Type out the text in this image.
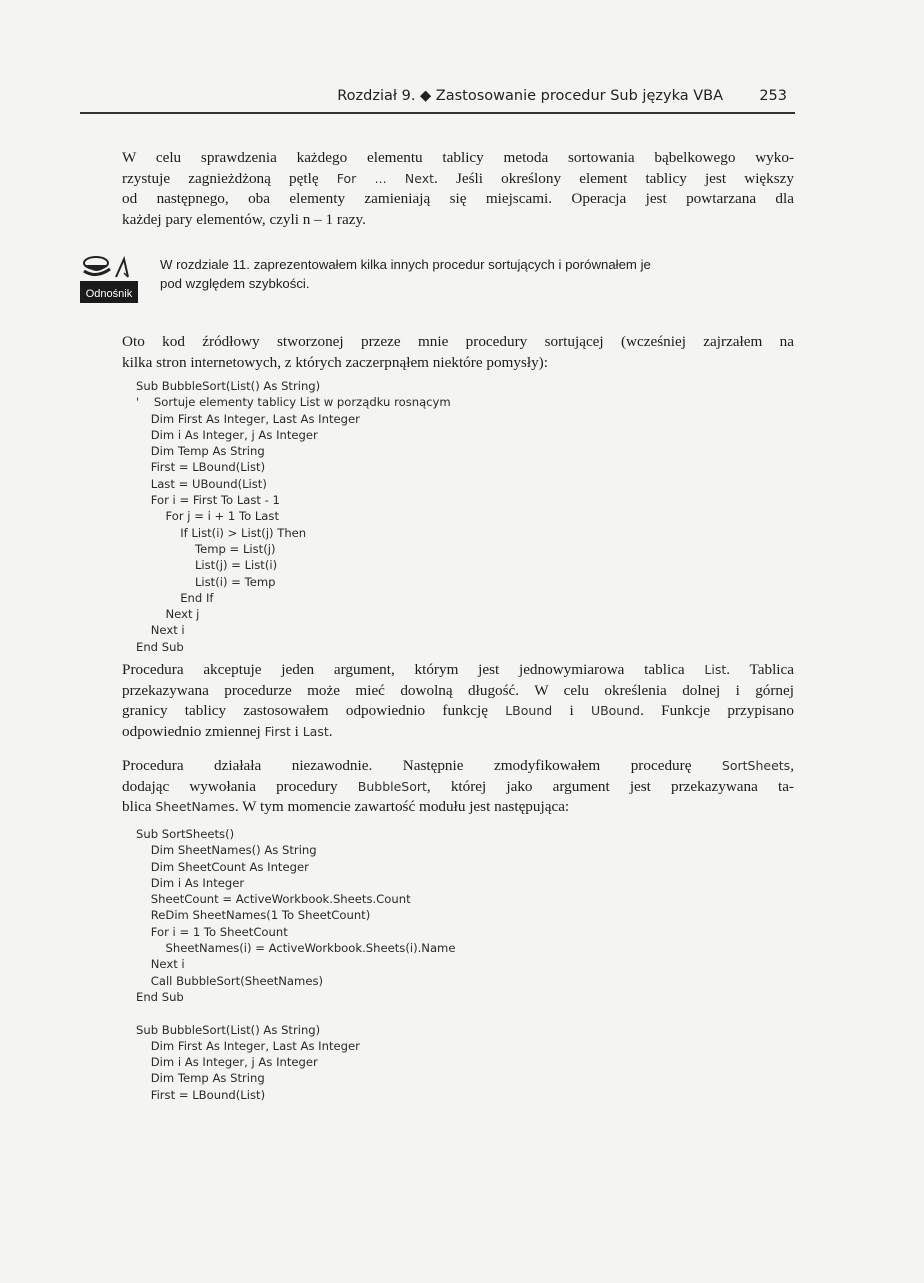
Rozdział 9. ◆ Zastosowanie procedur Sub języka VBA	253
W celu sprawdzenia każdego elementu tablicy metoda sortowania bąbelkowego wyko-
rzystuje zagnieżdżoną pętlę For ... Next. Jeśli określony element tablicy jest większy
od następnego, oba elementy zamieniają się miejscami. Operacja jest powtarzana dla
każdej pary elementów, czyli n – 1 razy.
Odnośnik
W rozdziale 11. zaprezentowałem kilka innych procedur sortujących i porównałem je
pod względem szybkości.
Oto kod źródłowy stworzonej przeze mnie procedury sortującej (wcześniej zajrzałem na
kilka stron internetowych, z których zaczerpnąłem niektóre pomysły):
Sub BubbleSort(List() As String)
'    Sortuje elementy tablicy List w porządku rosnącym
Dim First As Integer, Last As Integer
Dim i As Integer, j As Integer
Dim Temp As String
First = LBound(List)
Last = UBound(List)
For i = First To Last - 1
For j = i + 1 To Last
If List(i) > List(j) Then
Temp = List(j)
List(j) = List(i)
List(i) = Temp
End If
Next j
Next i
End Sub
Procedura akceptuje jeden argument, którym jest jednowymiarowa tablica List. Tablica
przekazywana procedurze może mieć dowolną długość. W celu określenia dolnej i górnej
granicy tablicy zastosowałem odpowiednio funkcję LBound i UBound. Funkcje przypisano
odpowiednio zmiennej First i Last.
Procedura działała niezawodnie. Następnie zmodyfikowałem procedurę SortSheets,
dodając wywołania procedury BubbleSort, której jako argument jest przekazywana ta-
blica SheetNames. W tym momencie zawartość modułu jest następująca:
Sub SortSheets()
Dim SheetNames() As String
Dim SheetCount As Integer
Dim i As Integer
SheetCount = ActiveWorkbook.Sheets.Count
ReDim SheetNames(1 To SheetCount)
For i = 1 To SheetCount
SheetNames(i) = ActiveWorkbook.Sheets(i).Name
Next i
Call BubbleSort(SheetNames)
End Sub
Sub BubbleSort(List() As String)
Dim First As Integer, Last As Integer
Dim i As Integer, j As Integer
Dim Temp As String
First = LBound(List)
